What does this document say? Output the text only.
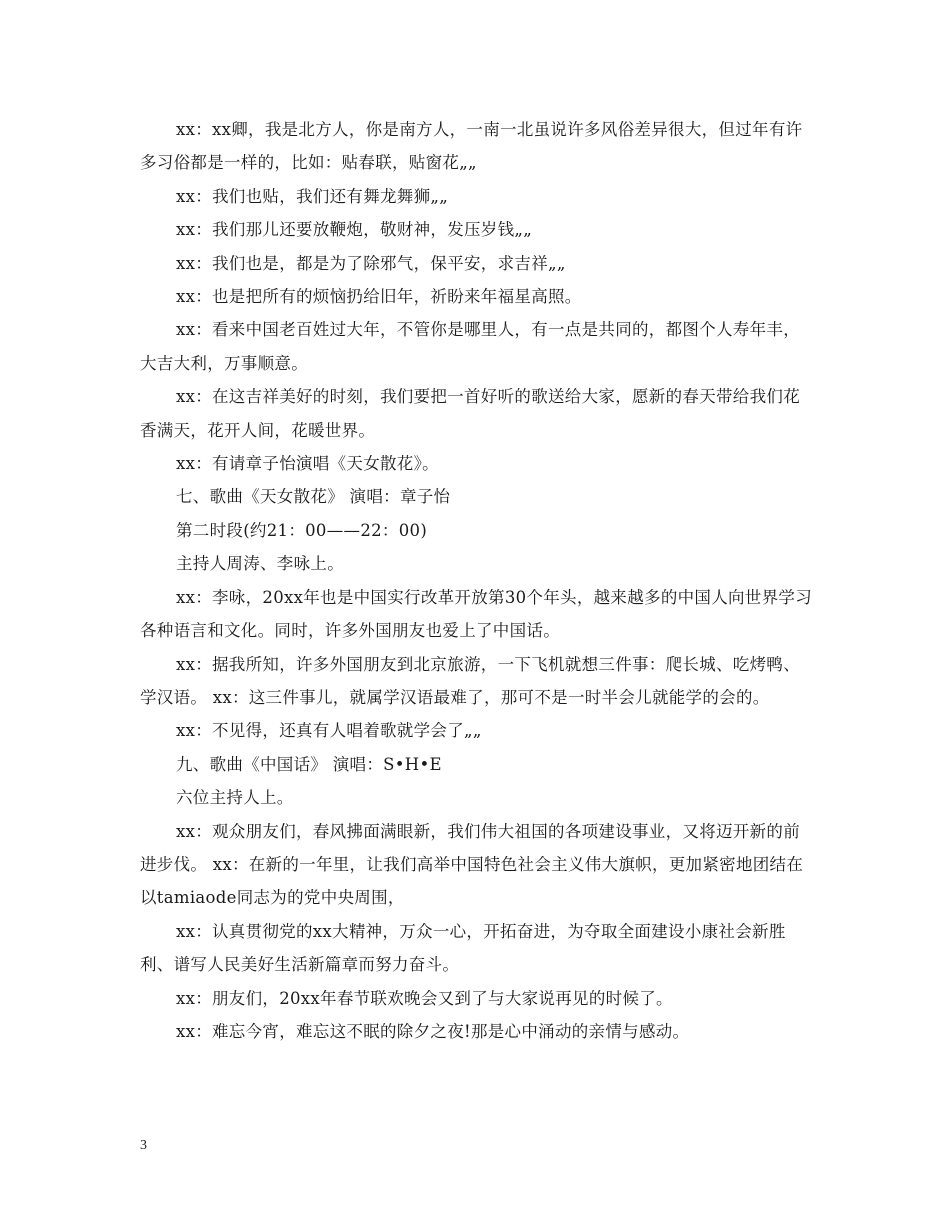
xx：xx卿，我是北方人，你是南方人，一南一北虽说许多风俗差异很大，但过年有许多习俗都是一样的，比如：贴春联，贴窗花„„

xx：我们也贴，我们还有舞龙舞狮„„

xx：我们那儿还要放鞭炮，敬财神，发压岁钱„„

xx：我们也是，都是为了除邪气，保平安，求吉祥„„

xx：也是把所有的烦恼扔给旧年，祈盼来年福星高照。

xx：看来中国老百姓过大年，不管你是哪里人，有一点是共同的，都图个人寿年丰，大吉大利，万事顺意。

xx：在这吉祥美好的时刻，我们要把一首好听的歌送给大家，愿新的春天带给我们花香满天，花开人间，花暖世界。

xx：有请章子怡演唱《天女散花》。

七、歌曲《天女散花》 演唱：章子怡

第二时段(约21：00——22：00)

主持人周涛、李咏上。

xx：李咏，20xx年也是中国实行改革开放第30个年头，越来越多的中国人向世界学习各种语言和文化。同时，许多外国朋友也爱上了中国话。

xx：据我所知，许多外国朋友到北京旅游，一下飞机就想三件事：爬长城、吃烤鸭、学汉语。 xx：这三件事儿，就属学汉语最难了，那可不是一时半会儿就能学的会的。

xx：不见得，还真有人唱着歌就学会了„„

九、歌曲《中国话》 演唱：S•H•E

六位主持人上。

xx：观众朋友们，春风拂面满眼新，我们伟大祖国的各项建设事业，又将迈开新的前进步伐。 xx：在新的一年里，让我们高举中国特色社会主义伟大旗帜，更加紧密地团结在以tamiaode同志为的党中央周围，

xx：认真贯彻党的xx大精神，万众一心，开拓奋进，为夺取全面建设小康社会新胜利、谱写人民美好生活新篇章而努力奋斗。

xx：朋友们，20xx年春节联欢晚会又到了与大家说再见的时候了。

xx：难忘今宵，难忘这不眠的除夕之夜!那是心中涌动的亲情与感动。

3
